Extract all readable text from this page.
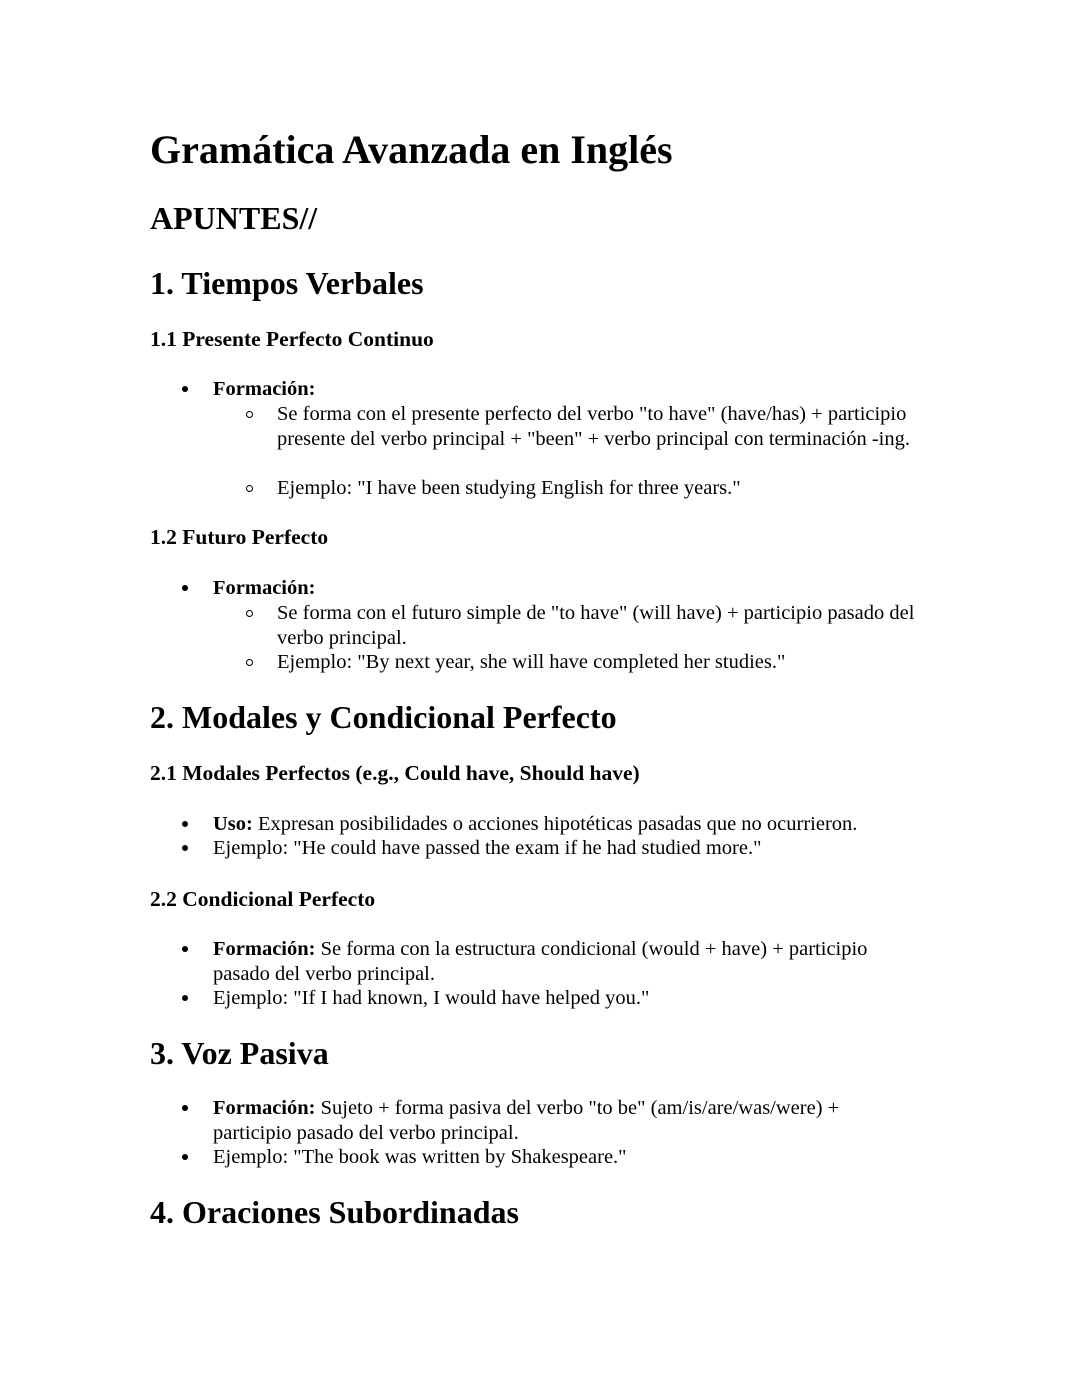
Gramática Avanzada en Inglés
APUNTES//
1. Tiempos Verbales
1.1 Presente Perfecto Continuo
Formación:
Se forma con el presente perfecto del verbo "to have" (have/has) + participio presente del verbo principal + "been" + verbo principal con terminación -ing.
Ejemplo: "I have been studying English for three years."
1.2 Futuro Perfecto
Formación:
Se forma con el futuro simple de "to have" (will have) + participio pasado del verbo principal.
Ejemplo: "By next year, she will have completed her studies."
2. Modales y Condicional Perfecto
2.1 Modales Perfectos (e.g., Could have, Should have)
Uso: Expresan posibilidades o acciones hipotéticas pasadas que no ocurrieron.
Ejemplo: "He could have passed the exam if he had studied more."
2.2 Condicional Perfecto
Formación: Se forma con la estructura condicional (would + have) + participio pasado del verbo principal.
Ejemplo: "If I had known, I would have helped you."
3. Voz Pasiva
Formación: Sujeto + forma pasiva del verbo "to be" (am/is/are/was/were) + participio pasado del verbo principal.
Ejemplo: "The book was written by Shakespeare."
4. Oraciones Subordinadas
